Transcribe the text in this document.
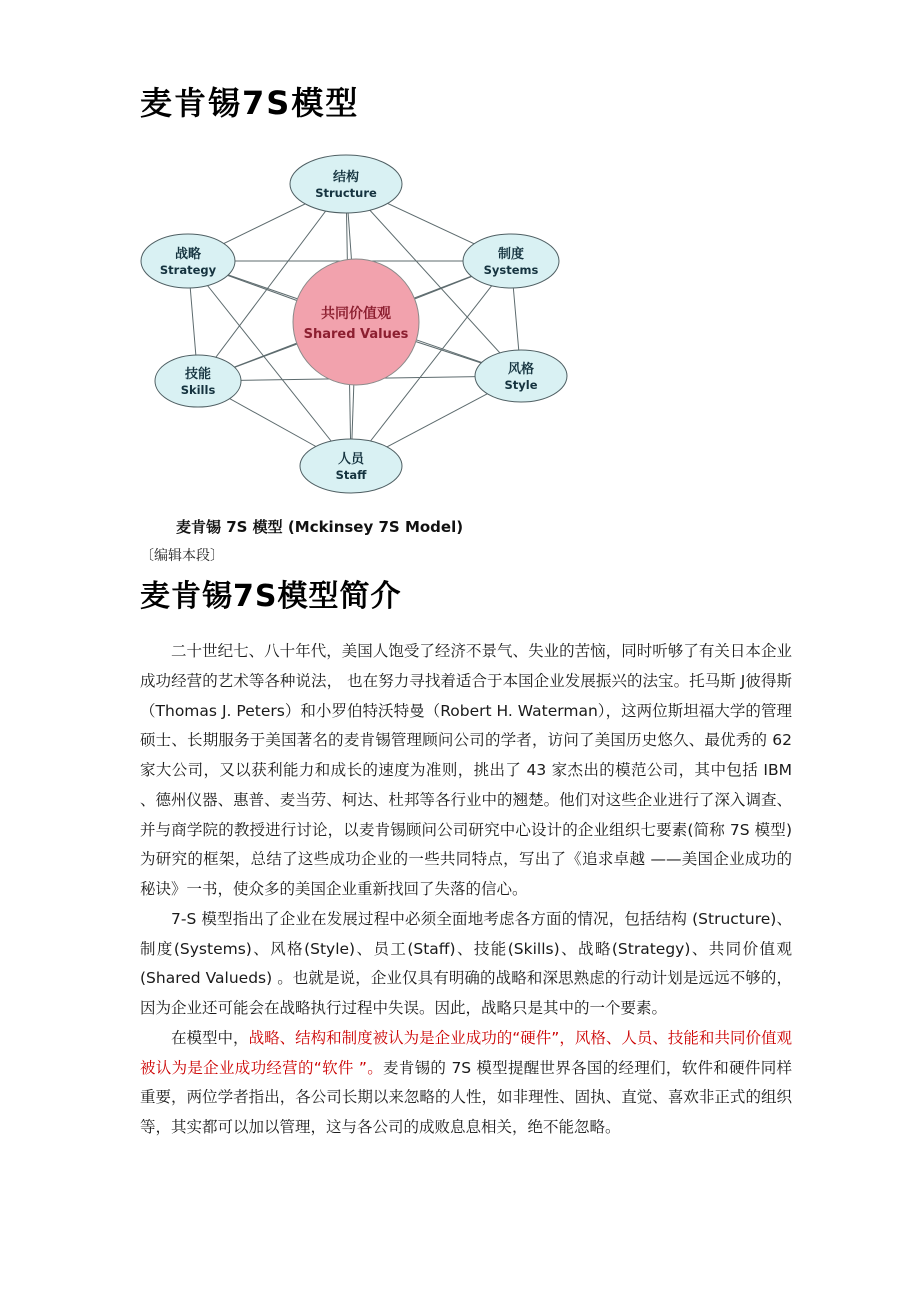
麦肯锡7S模型
结构
Structure
战略
Strategy
制度
Systems
共同价值观
Shared Values
技能
Skills
风格
Style
人员
Staff
麦肯锡 7S 模型 (Mckinsey 7S Model)
〔编辑本段〕
麦肯锡7S模型简介

二十世纪七、八十年代，美国人饱受了经济不景气、失业的苦恼，同时听够了有关日本企业成功经营的艺术等各种说法， 也在努力寻找着适合于本国企业发展振兴的法宝。托马斯 J彼得斯（Thomas J. Peters）和小罗伯特沃特曼（Robert H. Waterman），这两位斯坦福大学的管理硕士、长期服务于美国著名的麦肯锡管理顾问公司的学者，访问了美国历史悠久、最优秀的 62 家大公司，又以获利能力和成长的速度为准则，挑出了 43 家杰出的模范公司，其中包括 IBM 、德州仪器、惠普、麦当劳、柯达、杜邦等各行业中的翘楚。他们对这些企业进行了深入调查、并与商学院的教授进行讨论，以麦肯锡顾问公司研究中心设计的企业组织七要素(简称 7S 模型)为研究的框架，总结了这些成功企业的一些共同特点，写出了《追求卓越 ——美国企业成功的秘诀》一书，使众多的美国企业重新找回了失落的信心。

7-S 模型指出了企业在发展过程中必须全面地考虑各方面的情况，包括结构 (Structure)、制度(Systems)、风格(Style)、员工(Staff)、技能(Skills)、战略(Strategy)、共同价值观 (Shared Valueds) 。也就是说，企业仅具有明确的战略和深思熟虑的行动计划是远远不够的，因为企业还可能会在战略执行过程中失误。因此，战略只是其中的一个要素。

在模型中，战略、结构和制度被认为是企业成功的“硬件”，风格、人员、技能和共同价值观被认为是企业成功经营的“软件 ”。麦肯锡的 7S 模型提醒世界各国的经理们，软件和硬件同样重要，两位学者指出，各公司长期以来忽略的人性，如非理性、固执、直觉、喜欢非正式的组织等，其实都可以加以管理，这与各公司的成败息息相关，绝不能忽略。
